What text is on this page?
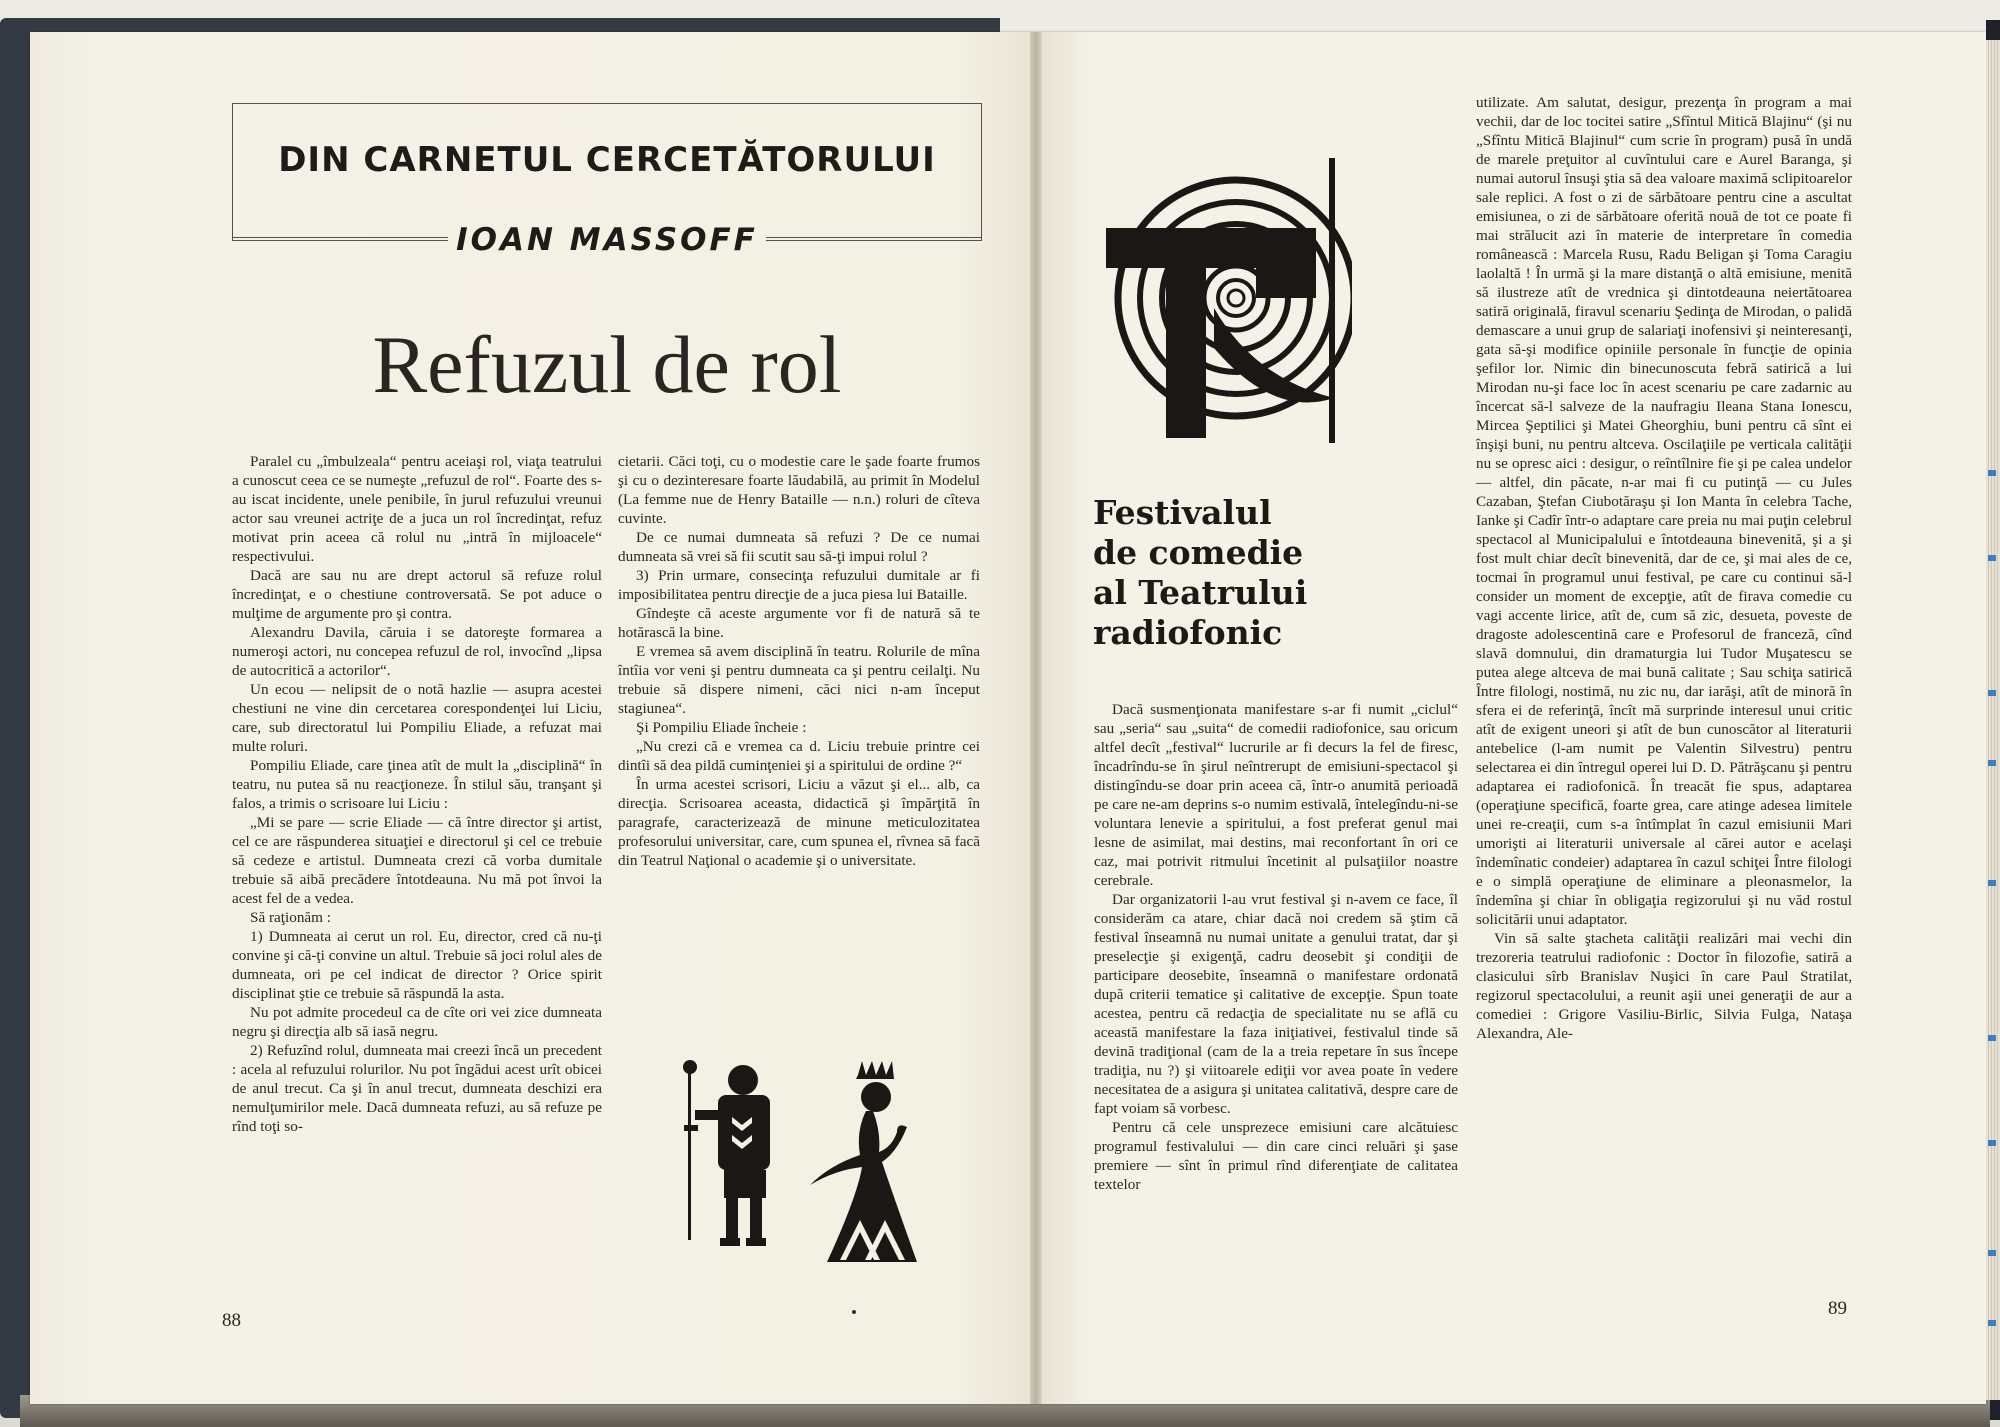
DIN CARNETUL CERCETĂTORULUI
IOAN MASSOFF
Refuzul de rol

Paralel cu „îmbulzeala“ pentru aceiaşi rol, viaţa teatrului a cunoscut ceea ce se numeşte „refuzul de rol“. Foarte des s-au iscat incidente, unele penibile, în jurul refuzului vreunui actor sau vreunei actriţe de a juca un rol încredinţat, refuz motivat prin aceea că rolul nu „intră în mijloacele“ respectivului.

Dacă are sau nu are drept actorul să refuze rolul încredinţat, e o chestiune controversată. Se pot aduce o mulţime de argumente pro şi contra.

Alexandru Davila, căruia i se datoreşte formarea a numeroşi actori, nu concepea refuzul de rol, invocînd „lipsa de autocritică a actorilor“.

Un ecou — nelipsit de o notă hazlie — asupra acestei chestiuni ne vine din cercetarea corespondenţei lui Liciu, care, sub directoratul lui Pompiliu Eliade, a refuzat mai multe roluri.

Pompiliu Eliade, care ţinea atît de mult la „disciplină“ în teatru, nu putea să nu reacţioneze. În stilul său, tranşant şi falos, a trimis o scrisoare lui Liciu :

„Mi se pare — scrie Eliade — că între director şi artist, cel ce are răspunderea situaţiei e directorul şi cel ce trebuie să cedeze e artistul. Dumneata crezi că vorba dumitale trebuie să aibă precădere întotdeauna. Nu mă pot învoi la acest fel de a vedea.

Să raţionăm :

1) Dumneata ai cerut un rol. Eu, director, cred că nu-ţi convine şi că-ţi convine un altul. Trebuie să joci rolul ales de dumneata, ori pe cel indicat de director ? Orice spirit disciplinat ştie ce trebuie să răspundă la asta.

Nu pot admite procedeul ca de cîte ori vei zice dumneata negru şi direcţia alb să iasă negru.

2) Refuzînd rolul, dumneata mai creezi încă un precedent : acela al refuzului rolurilor. Nu pot îngădui acest urît obicei de anul trecut. Ca şi în anul trecut, dumneata deschizi era nemulţumirilor mele. Dacă dumneata refuzi, au să refuze pe rînd toţi so-

cietarii. Căci toţi, cu o modestie care le şade foarte frumos şi cu o dezinteresare foarte lăudabilă, au primit în Modelul (La femme nue de Henry Bataille — n.n.) roluri de cîteva cuvinte.

De ce numai dumneata să refuzi ? De ce numai dumneata să vrei să fii scutit sau să-ţi impui rolul ?

3) Prin urmare, consecinţa refuzului dumitale ar fi imposibilitatea pentru direcţie de a juca piesa lui Bataille.

Gîndeşte că aceste argumente vor fi de natură să te hotărască la bine.

E vremea să avem disciplină în teatru. Rolurile de mîna întîia vor veni şi pentru dumneata ca şi pentru ceilalţi. Nu trebuie să dispere nimeni, căci nici n-am început stagiunea“.

Şi Pompiliu Eliade încheie :

„Nu crezi că e vremea ca d. Liciu trebuie printre cei dintîi să dea pildă cuminţeniei şi a spiritului de ordine ?“

În urma acestei scrisori, Liciu a văzut şi el... alb, ca direcţia. Scrisoarea aceasta, didactică şi împărţită în paragrafe, caracterizează de minune meticulozitatea profesorului universitar, care, cum spunea el, rîvnea să facă din Teatrul Naţional o academie şi o universitate.

88
Festivalul
de comedie
al Teatrului
radiofonic

Dacă susmenţionata manifestare s-ar fi numit „ciclul“ sau „seria“ sau „suita“ de comedii radiofonice, sau oricum altfel decît „festival“ lucrurile ar fi decurs la fel de firesc, încadrîndu-se în şirul neîntrerupt de emisiuni-spectacol şi distingîndu-se doar prin aceea că, într-o anumită perioadă pe care ne-am deprins s-o numim estivală, întelegîndu-ni-se voluntara lenevie a spiritului, a fost preferat genul mai lesne de asimilat, mai destins, mai reconfortant în ori ce caz, mai potrivit ritmului încetinit al pulsaţiilor noastre cerebrale.

Dar organizatorii l-au vrut festival şi n-avem ce face, îl considerăm ca atare, chiar dacă noi credem să ştim că festival înseamnă nu numai unitate a genului tratat, dar şi preselecţie şi exigenţă, cadru deosebit şi condiţii de participare deosebite, înseamnă o manifestare ordonată după criterii tematice şi calitative de excepţie. Spun toate acestea, pentru că redacţia de specialitate nu se află cu această manifestare la faza iniţiativei, festivalul tinde să devină tradiţional (cam de la a treia repetare în sus începe tradiţia, nu ?) şi viitoarele ediţii vor avea poate în vedere necesitatea de a asigura şi unitatea calitativă, despre care de fapt voiam să vorbesc.

Pentru că cele unsprezece emisiuni care alcătuiesc programul festivalului — din care cinci reluări şi şase premiere — sînt în primul rînd diferenţiate de calitatea textelor

utilizate. Am salutat, desigur, prezenţa în program a mai vechii, dar de loc tocitei satire „Sfîntul Mitică Blajinu“ (şi nu „Sfîntu Mitică Blajinul“ cum scrie în program) pusă în undă de marele preţuitor al cuvîntului care e Aurel Baranga, şi numai autorul însuşi ştia să dea valoare maximă sclipitoarelor sale replici. A fost o zi de sărbătoare pentru cine a ascultat emisiunea, o zi de sărbătoare oferită nouă de tot ce poate fi mai strălucit azi în materie de interpretare în comedia românească : Marcela Rusu, Radu Beligan şi Toma Caragiu laolaltă ! În urmă şi la mare distanţă o altă emisiune, menită să ilustreze atît de vrednica şi dintotdeauna neiertătoarea satiră originală, firavul scenariu Şedinţa de Mirodan, o palidă demascare a unui grup de salariaţi inofensivi şi neinteresanţi, gata să-şi modifice opiniile personale în funcţie de opinia şefilor lor. Nimic din binecunoscuta febră satirică a lui Mirodan nu-şi face loc în acest scenariu pe care zadarnic au încercat să-l salveze de la naufragiu Ileana Stana Ionescu, Mircea Şeptilici şi Matei Gheorghiu, buni pentru că sînt ei înşişi buni, nu pentru altceva. Oscilaţiile pe verticala calităţii nu se opresc aici : desigur, o reîntîlnire fie şi pe calea undelor — altfel, din păcate, n-ar mai fi cu putinţă — cu Jules Cazaban, Ştefan Ciubotăraşu şi Ion Manta în celebra Tache, Ianke şi Cadîr într-o adaptare care preia nu mai puţin celebrul spectacol al Municipalului e întotdeauna binevenită, şi a şi fost mult chiar decît binevenită, dar de ce, şi mai ales de ce, tocmai în programul unui festival, pe care cu continui să-l consider un moment de excepţie, atît de firava comedie cu vagi accente lirice, atît de, cum să zic, desueta, poveste de dragoste adolescentină care e Profesorul de franceză, cînd slavă domnului, din dramaturgia lui Tudor Muşatescu se putea alege altceva de mai bună calitate ; Sau schiţa satirică Între filologi, nostimă, nu zic nu, dar iarăşi, atît de minoră în sfera ei de referinţă, încît mă surprinde interesul unui critic atît de exigent uneori şi atît de bun cunoscător al literaturii antebelice (l-am numit pe Valentin Silvestru) pentru selectarea ei din întregul operei lui D. D. Pătrăşcanu şi pentru adaptarea ei radiofonică. În treacăt fie spus, adaptarea (operaţiune specifică, foarte grea, care atinge adesea limitele unei re-creaţii, cum s-a întîmplat în cazul emisiunii Mari umorişti ai literaturii universale al cărei autor e acelaşi îndemînatic condeier) adaptarea în cazul schiţei Între filologi e o simplă operaţiune de eliminare a pleonasmelor, la îndemîna şi chiar în obligaţia regizorului şi nu văd rostul solicitării unui adaptator.

Vin să salte ştacheta calităţii realizări mai vechi din trezoreria teatrului radiofonic : Doctor în filozofie, satiră a clasicului sîrb Branislav Nuşici în care Paul Stratilat, regizorul spectacolului, a reunit aşii unei generaţii de aur a comediei : Grigore Vasiliu-Birlic, Silvia Fulga, Nataşa Alexandra, Ale-

89
